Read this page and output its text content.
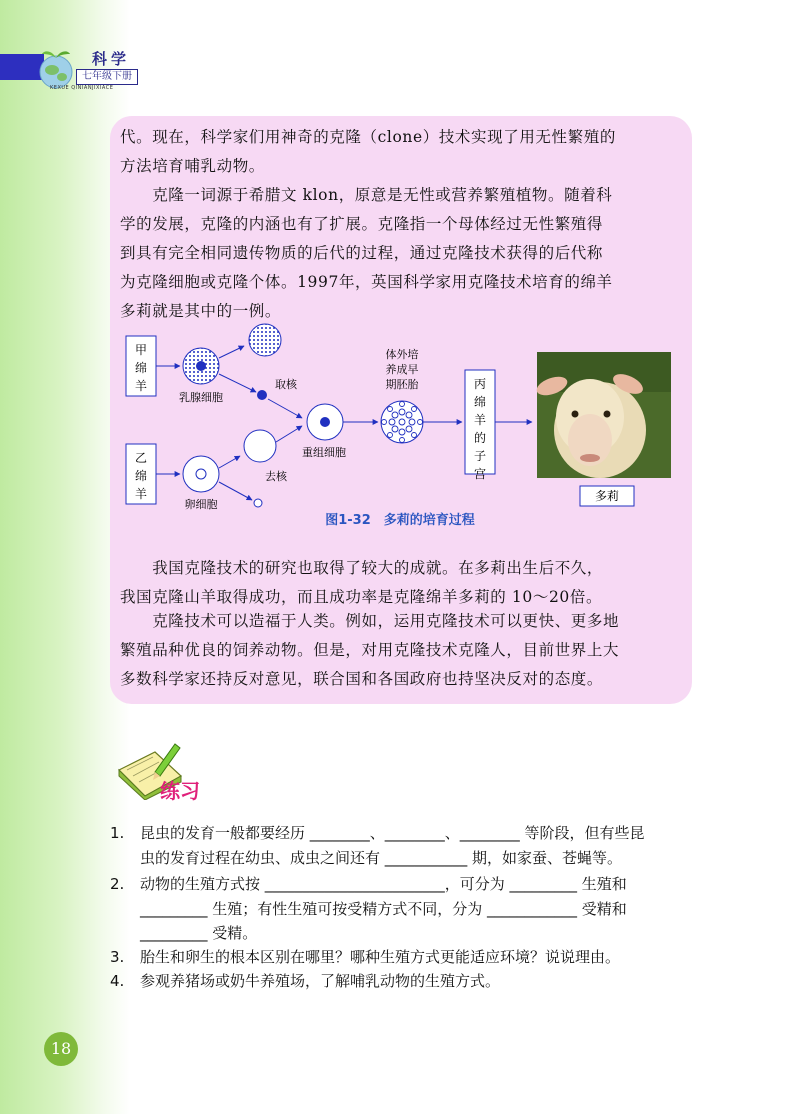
科学
七年级下册
KEXUE QINIANJIXIACE
代。现在，科学家们用神奇的克隆（clone）技术实现了用无性繁殖的
方法培育哺乳动物。
　　克隆一词源于希腊文 klon，原意是无性或营养繁殖植物。随着科
学的发展，克隆的内涵也有了扩展。克隆指一个母体经过无性繁殖得
到具有完全相同遗传物质的后代的过程，通过克隆技术获得的后代称
为克隆细胞或克隆个体。1997年，英国科学家用克隆技术培育的绵羊
多莉就是其中的一例。
甲
绵
羊
乙
绵
羊
乳腺细胞
取核
卵细胞
去核
重组细胞
体外培
养成早
期胚胎	丙
绵
羊
的
子
宫
多莉
图1-32　多莉的培育过程
　　我国克隆技术的研究也取得了较大的成就。在多莉出生后不久，
我国克隆山羊取得成功，而且成功率是克隆绵羊多莉的 10～20倍。
　　克隆技术可以造福于人类。例如，运用克隆技术可以更快、更多地
繁殖品种优良的饲养动物。但是，对用克隆技术克隆人，目前世界上大
多数科学家还持反对意见，联合国和各国政府也持坚决反对的态度。
练习
1. 昆虫的发育一般都要经历 ________、________、________ 等阶段，但有些昆
虫的发育过程在幼虫、成虫之间还有 ___________ 期，如家蚕、苍蝇等。
2. 动物的生殖方式按 ________________________，可分为 _________ 生殖和
_________ 生殖；有性生殖可按受精方式不同，分为 ____________ 受精和
_________ 受精。
3. 胎生和卵生的根本区别在哪里？哪种生殖方式更能适应环境？说说理由。
4. 参观养猪场或奶牛养殖场，了解哺乳动物的生殖方式。
18
